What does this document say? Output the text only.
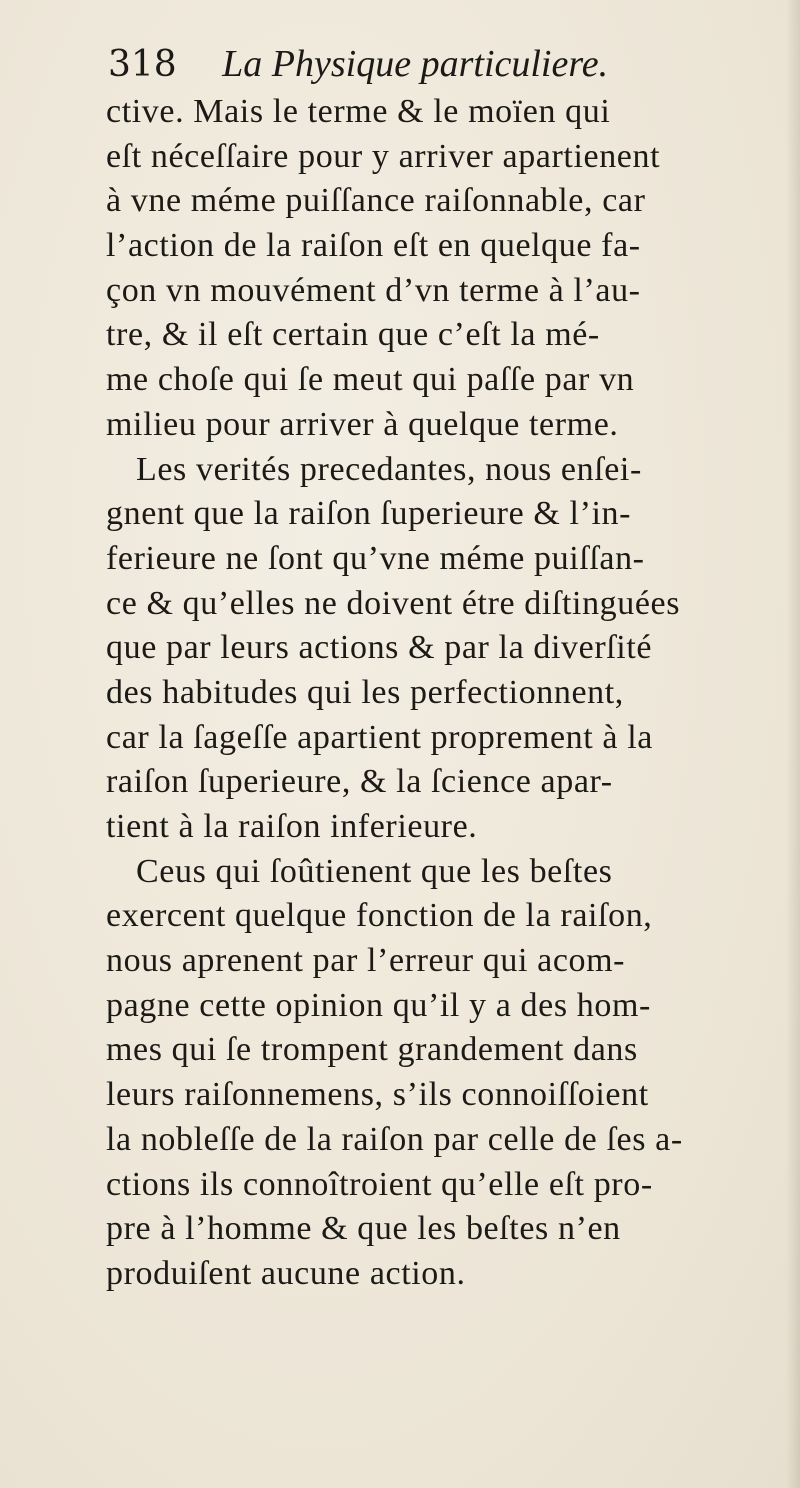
318 La Physique particuliere.
ctive. Mais le terme & le moïen qui
eſt néceſſaire pour y arriver apartienent
à vne méme puiſſance raiſonnable, car
l’action de la raiſon eſt en quelque fa-
çon vn mouvément d’vn terme à l’au-
tre, & il eſt certain que c’eſt la mé-
me choſe qui ſe meut qui paſſe par vn
milieu pour arriver à quelque terme.
Les verités precedantes, nous enſei-
gnent que la raiſon ſuperieure & l’in-
ferieure ne ſont qu’vne méme puiſſan-
ce & qu’elles ne doivent étre diſtinguées
que par leurs actions & par la diverſité
des habitudes qui les perfectionnent,
car la ſageſſe apartient proprement à la
raiſon ſuperieure, & la ſcience apar-
tient à la raiſon inferieure.
Ceus qui ſoûtienent que les beſtes
exercent quelque fonction de la raiſon,
nous aprenent par l’erreur qui acom-
pagne cette opinion qu’il y a des hom-
mes qui ſe trompent grandement dans
leurs raiſonnemens, s’ils connoiſſoient
la nobleſſe de la raiſon par celle de ſes a-
ctions ils connoîtroient qu’elle eſt pro-
pre à l’homme & que les beſtes n’en
produiſent aucune action.
